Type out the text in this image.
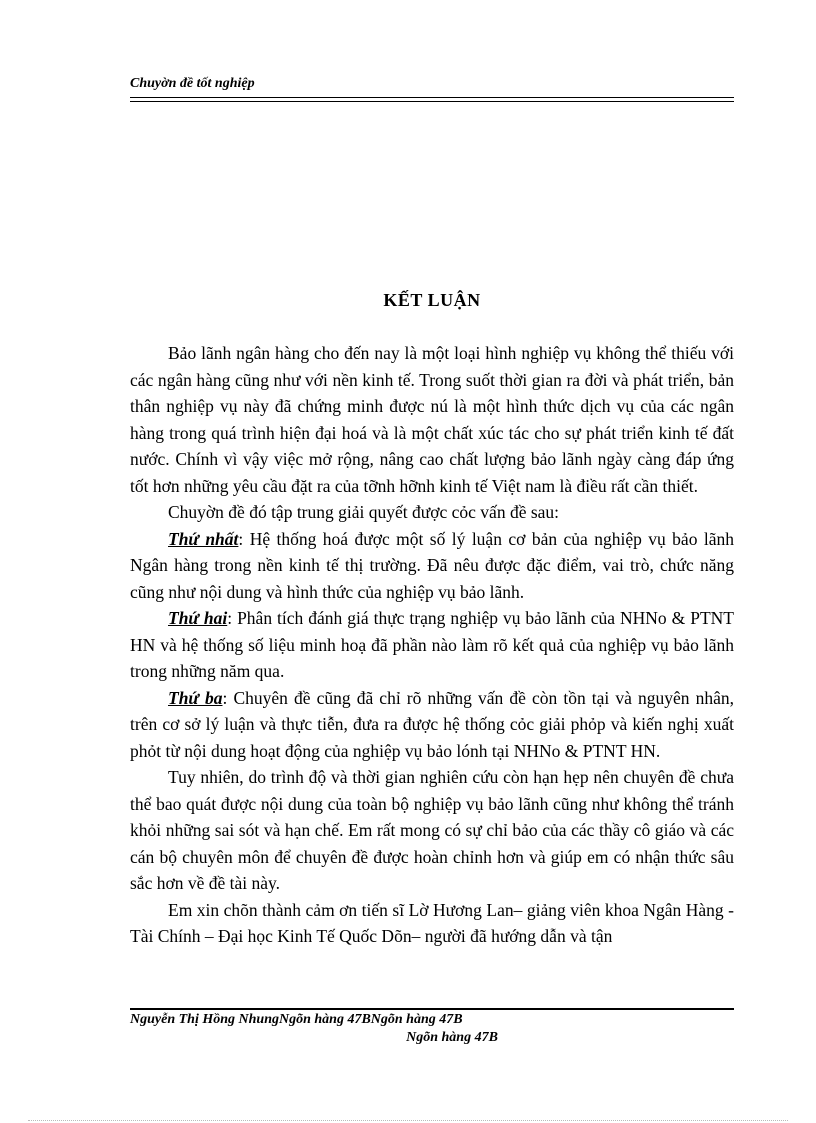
Chuyờn đề tốt nghiệp
KẾT LUẬN

Bảo lãnh ngân hàng cho đến nay là một loại hình nghiệp vụ không thể thiếu với các ngân hàng cũng như với nền kinh tế. Trong suốt thời gian ra đời và phát triển, bản thân nghiệp vụ này đã chứng minh được nú là một hình thức dịch vụ của các ngân hàng trong quá trình hiện đại hoá và là một chất xúc tác cho sự phát triển kinh tế đất nước. Chính vì vậy việc mở rộng, nâng cao chất lượng bảo lãnh ngày càng đáp ứng tốt hơn những yêu cầu đặt ra của tỡnh hỡnh kinh tế Việt nam là điều rất cần thiết.

Chuyờn đề đó tập trung giải quyết được cỏc vấn đề sau:

Thứ nhất: Hệ thống hoá được một số lý luận cơ bản của nghiệp vụ bảo lãnh Ngân hàng trong nền kinh tế thị trường. Đã nêu được đặc điểm, vai trò, chức năng cũng như nội dung và hình thức của nghiệp vụ bảo lãnh.

Thứ hai: Phân tích đánh giá thực trạng nghiệp vụ bảo lãnh của NHNo & PTNT HN và hệ thống số liệu minh hoạ đã phần nào làm rõ kết quả của nghiệp vụ bảo lãnh trong những năm qua.

Thứ ba: Chuyên đề cũng đã chỉ rõ những vấn đề còn tồn tại và nguyên nhân, trên cơ sở lý luận và thực tiễn, đưa ra được hệ thống cỏc giải phỏp và kiến nghị xuất phỏt từ nội dung hoạt động của nghiệp vụ bảo lónh tại NHNo & PTNT HN.

Tuy nhiên, do trình độ và thời gian nghiên cứu còn hạn hẹp nên chuyên đề chưa thể bao quát được nội dung của toàn bộ nghiệp vụ bảo lãnh cũng như không thể tránh khỏi những sai sót và hạn chế. Em rất mong có sự chỉ bảo của các thầy cô giáo và các cán bộ chuyên môn để chuyên đề được hoàn chỉnh hơn và giúp em có nhận thức sâu sắc hơn về đề tài này.

Em xin chõn thành cảm ơn tiến sĩ Lờ Hương Lan– giảng viên khoa Ngân Hàng - Tài Chính – Đại học Kinh Tế Quốc Dõn– người đã hướng dẫn và tận

Nguyễn Thị Hồng NhungNgõn hàng 47BNgõn hàng 47B
Ngõn hàng 47B
